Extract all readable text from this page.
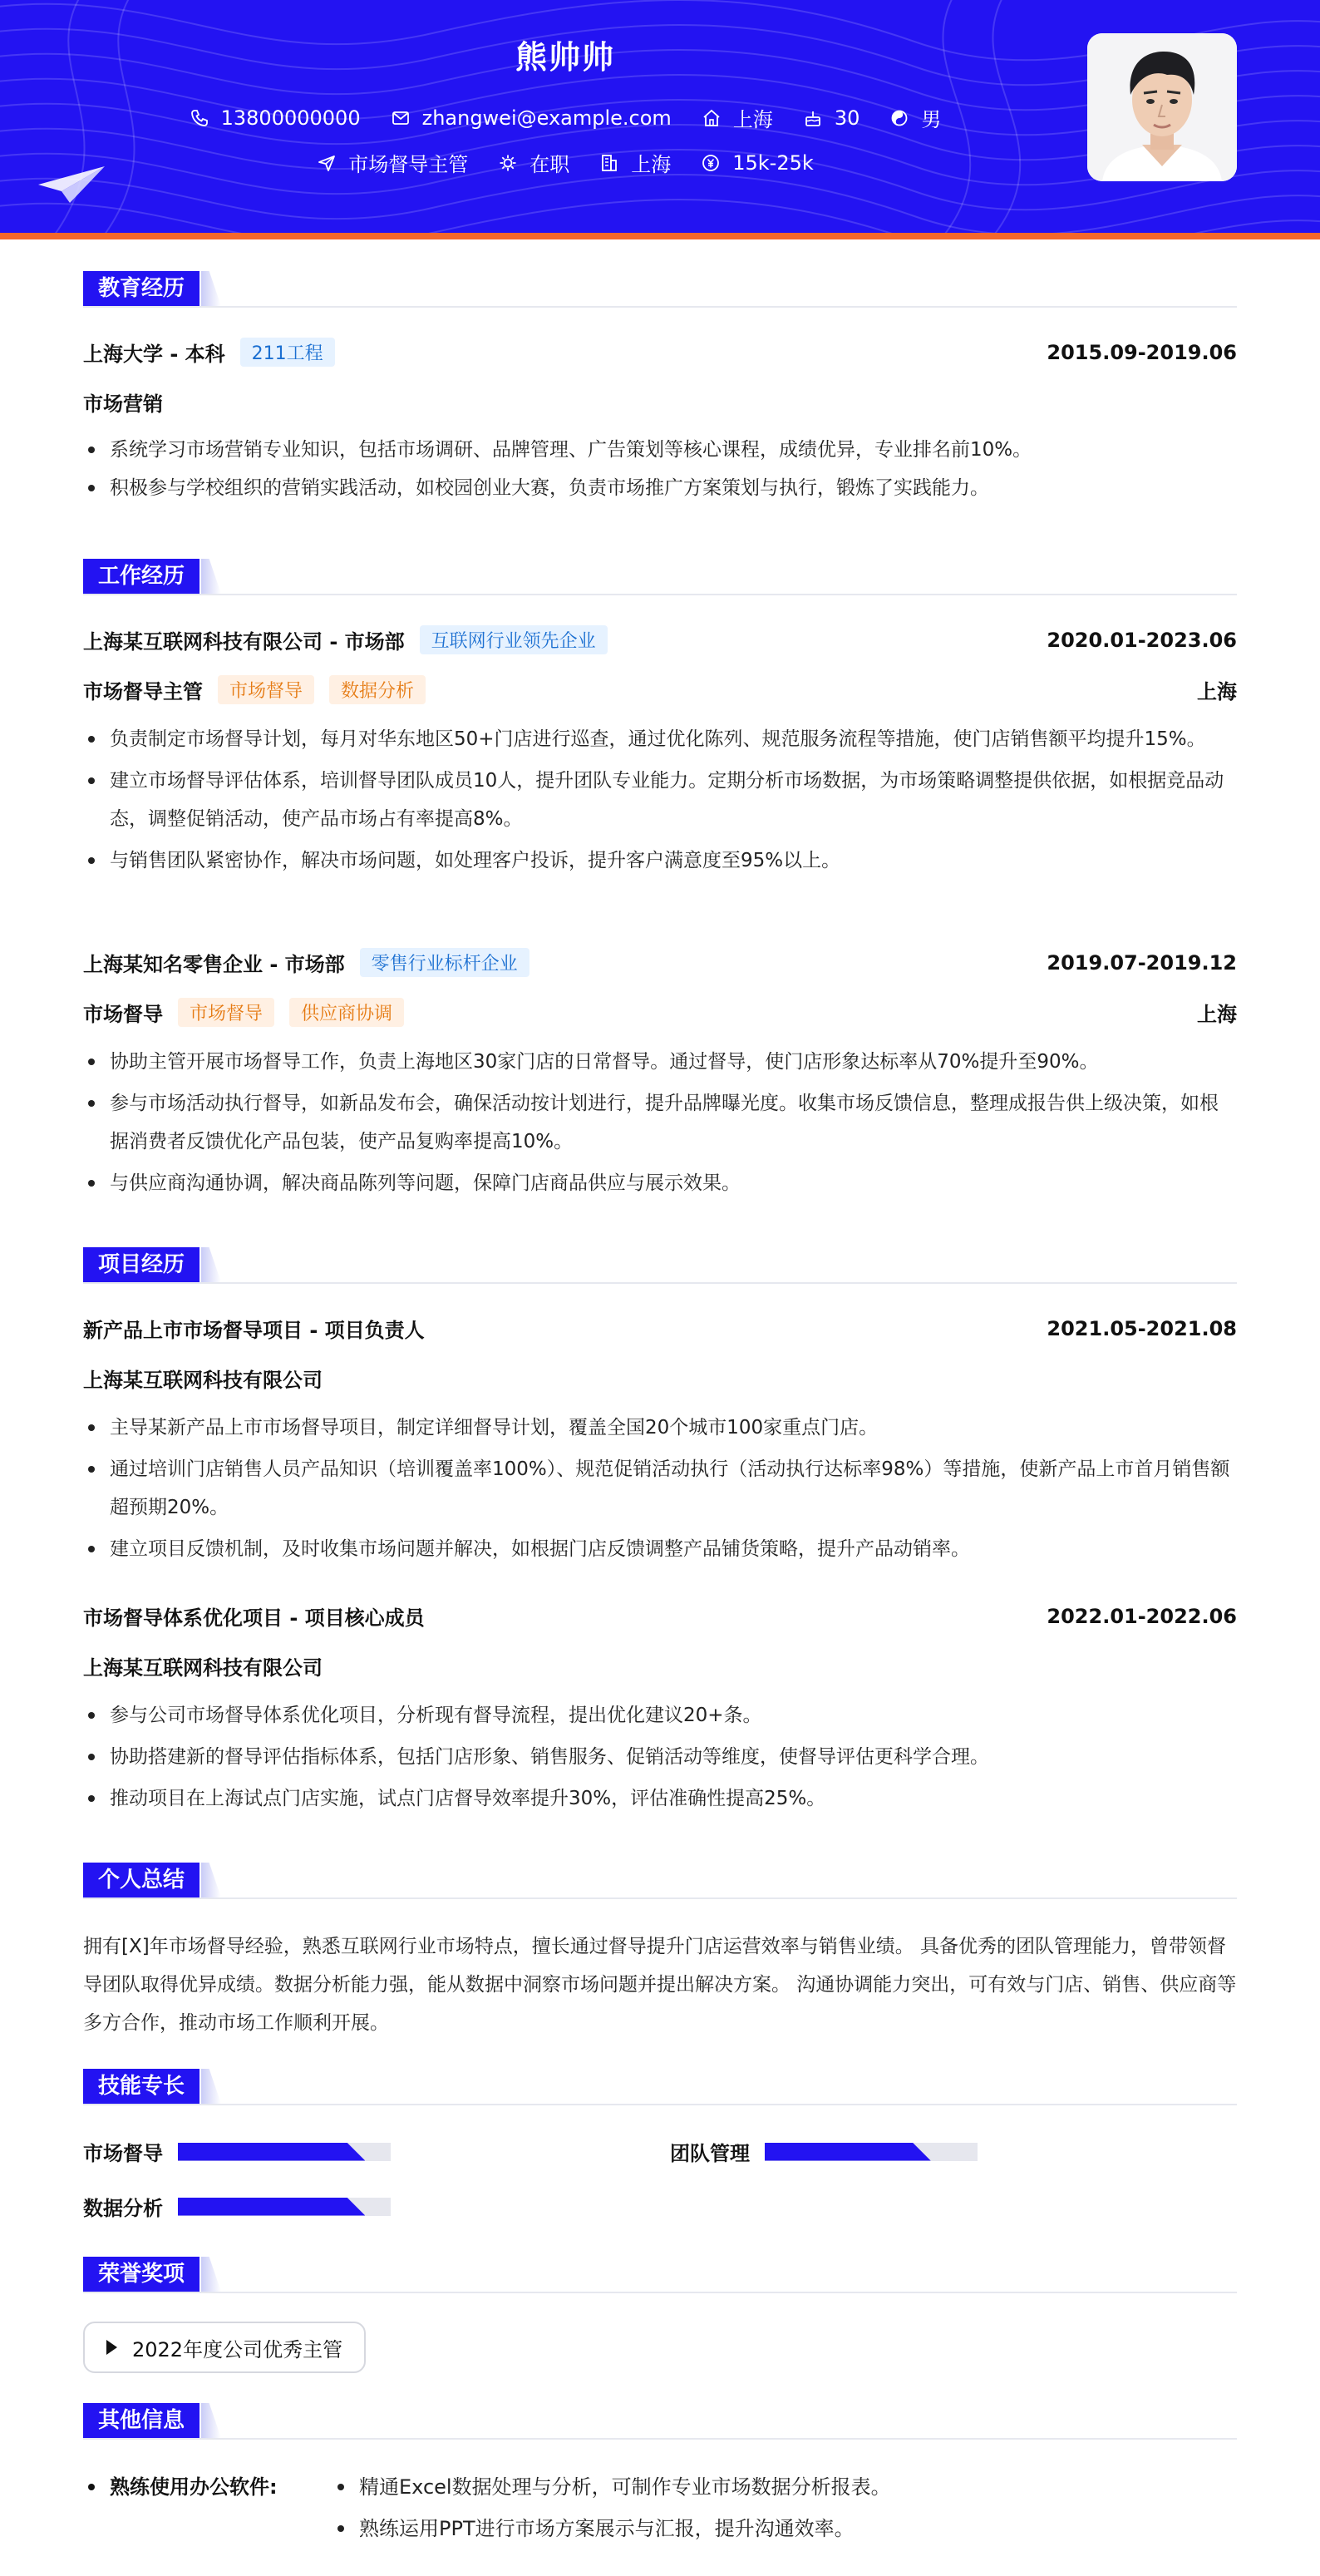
熊帅帅
13800000000	zhangwei@example.com	上海	30	男
市场督导主管	在职	上海	15k-25k
教育经历
上海大学 - 本科	211工程	2015.09-2019.06
市场营销
系统学习市场营销专业知识，包括市场调研、品牌管理、广告策划等核心课程，成绩优异，专业排名前10%。
积极参与学校组织的营销实践活动，如校园创业大赛，负责市场推广方案策划与执行，锻炼了实践能力。
工作经历
上海某互联网科技有限公司 - 市场部	互联网行业领先企业	2020.01-2023.06
市场督导主管	市场督导	数据分析	上海
负责制定市场督导计划，每月对华东地区50+门店进行巡查，通过优化陈列、规范服务流程等措施，使门店销售额平均提升15%。
建立市场督导评估体系，培训督导团队成员10人，提升团队专业能力。定期分析市场数据，为市场策略调整提供依据，如根据竞品动态，调整促销活动，使产品市场占有率提高8%。
与销售团队紧密协作，解决市场问题，如处理客户投诉，提升客户满意度至95%以上。
上海某知名零售企业 - 市场部	零售行业标杆企业	2019.07-2019.12
市场督导	市场督导	供应商协调	上海
协助主管开展市场督导工作，负责上海地区30家门店的日常督导。通过督导，使门店形象达标率从70%提升至90%。
参与市场活动执行督导，如新品发布会，确保活动按计划进行，提升品牌曝光度。收集市场反馈信息，整理成报告供上级决策，如根据消费者反馈优化产品包装，使产品复购率提高10%。
与供应商沟通协调，解决商品陈列等问题，保障门店商品供应与展示效果。
项目经历
新产品上市市场督导项目 - 项目负责人	2021.05-2021.08
上海某互联网科技有限公司
主导某新产品上市市场督导项目，制定详细督导计划，覆盖全国20个城市100家重点门店。
通过培训门店销售人员产品知识（培训覆盖率100%）、规范促销活动执行（活动执行达标率98%）等措施，使新产品上市首月销售额超预期20%。
建立项目反馈机制，及时收集市场问题并解决，如根据门店反馈调整产品铺货策略，提升产品动销率。
市场督导体系优化项目 - 项目核心成员	2022.01-2022.06
上海某互联网科技有限公司
参与公司市场督导体系优化项目，分析现有督导流程，提出优化建议20+条。
协助搭建新的督导评估指标体系，包括门店形象、销售服务、促销活动等维度，使督导评估更科学合理。
推动项目在上海试点门店实施，试点门店督导效率提升30%，评估准确性提高25%。
个人总结
拥有[X]年市场督导经验，熟悉互联网行业市场特点，擅长通过督导提升门店运营效率与销售业绩。 具备优秀的团队管理能力，曾带领督导团队取得优异成绩。数据分析能力强，能从数据中洞察市场问题并提出解决方案。 沟通协调能力突出，可有效与门店、销售、供应商等多方合作，推动市场工作顺利开展。
技能专长
市场督导	团队管理
数据分析
荣誉奖项
2022年度公司优秀主管
其他信息
熟练使用办公软件:	精通Excel数据处理与分析，可制作专业市场数据分析报表。
熟练运用PPT进行市场方案展示与汇报，提升沟通效率。
